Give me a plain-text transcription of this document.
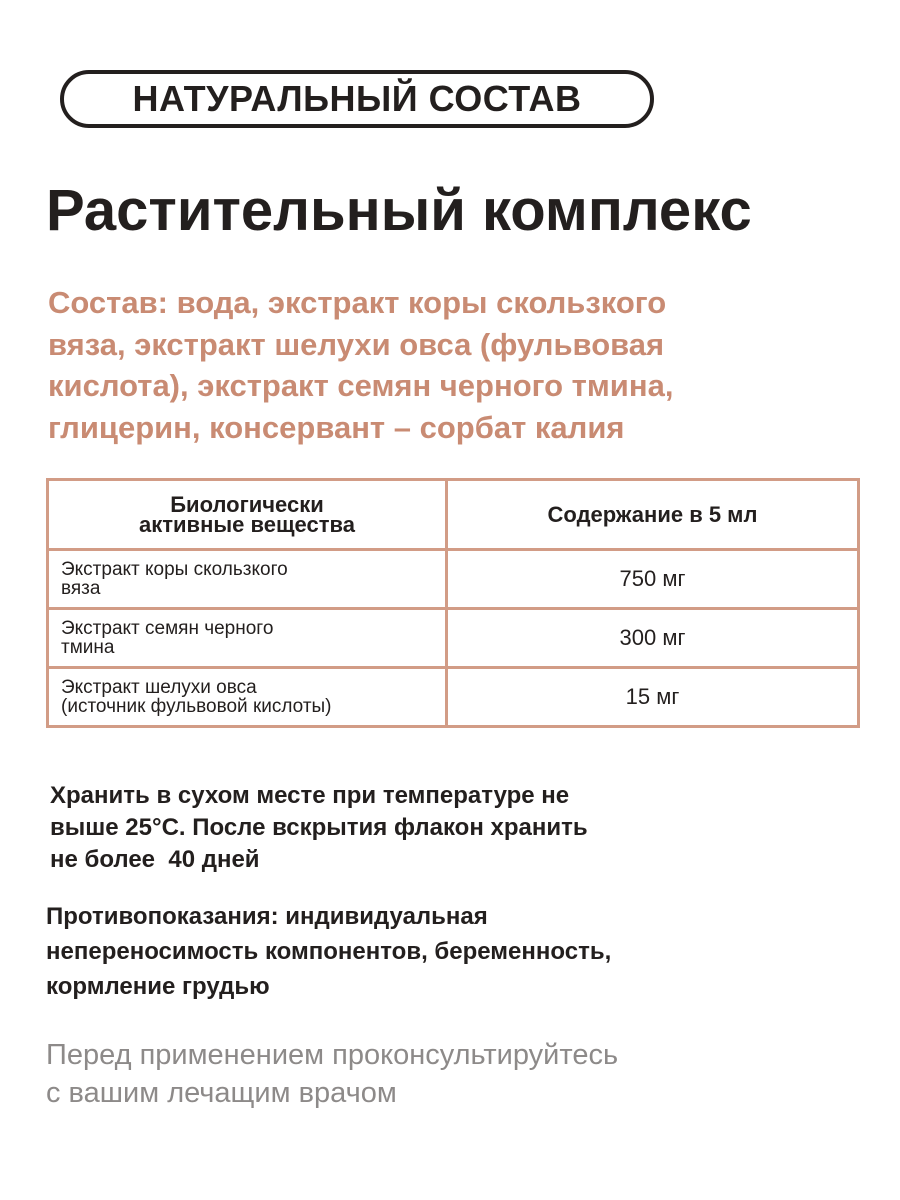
НАТУРАЛЬНЫЙ СОСТАВ
Растительный комплекс
Состав: вода, экстракт коры скользкого
вяза, экстракт шелухи овса (фульвовая
кислота), экстракт семян черного тмина,
глицерин, консервант – сорбат калия
Биологически
активные вещества	Содержание в 5 мл

Экстракт коры скользкого
вяза	750 мг

Экстракт семян черного
тмина	300 мг

Экстракт шелухи овса
(источник фульвовой кислоты)	15 мг
Хранить в сухом месте при температуре не
выше 25°С. После вскрытия флакон хранить
не более  40 дней
Противопоказания: индивидуальная
непереносимость компонентов, беременность,
кормление грудью
Перед применением проконсультируйтесь
с вашим лечащим врачом
